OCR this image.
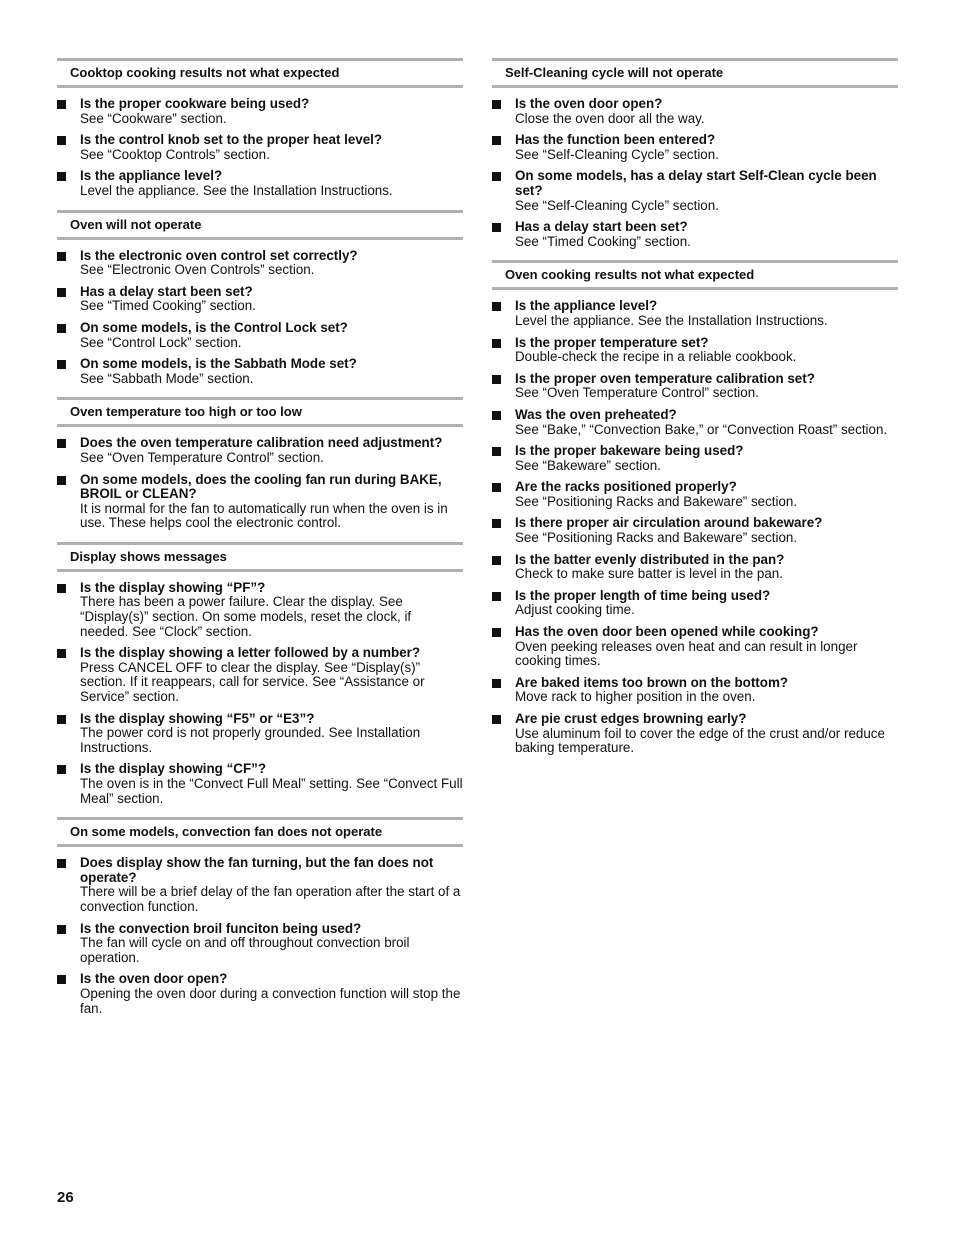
Cooktop cooking results not what expected
Is the proper cookware being used?
See “Cookware” section.
Is the control knob set to the proper heat level?
See “Cooktop Controls” section.
Is the appliance level?
Level the appliance. See the Installation Instructions.
Oven will not operate
Is the electronic oven control set correctly?
See “Electronic Oven Controls” section.
Has a delay start been set?
See “Timed Cooking” section.
On some models, is the Control Lock set?
See “Control Lock” section.
On some models, is the Sabbath Mode set?
See “Sabbath Mode” section.
Oven temperature too high or too low
Does the oven temperature calibration need adjustment?
See “Oven Temperature Control” section.
On some models, does the cooling fan run during BAKE, BROIL or CLEAN?
It is normal for the fan to automatically run when the oven is in use. These helps cool the electronic control.
Display shows messages
Is the display showing “PF”?
There has been a power failure. Clear the display. See “Display(s)” section. On some models, reset the clock, if needed. See “Clock” section.
Is the display showing a letter followed by a number?
Press CANCEL OFF to clear the display. See “Display(s)” section. If it reappears, call for service. See “Assistance or Service” section.
Is the display showing “F5” or “E3”?
The power cord is not properly grounded. See Installation Instructions.
Is the display showing “CF”?
The oven is in the “Convect Full Meal” setting. See “Convect Full Meal” section.
On some models, convection fan does not operate
Does display show the fan turning, but the fan does not operate?
There will be a brief delay of the fan operation after the start of a convection function.
Is the convection broil funciton being used?
The fan will cycle on and off throughout convection broil operation.
Is the oven door open?
Opening the oven door during a convection function will stop the fan.
Self-Cleaning cycle will not operate
Is the oven door open?
Close the oven door all the way.
Has the function been entered?
See “Self-Cleaning Cycle” section.
On some models, has a delay start Self-Clean cycle been set?
See “Self-Cleaning Cycle” section.
Has a delay start been set?
See “Timed Cooking” section.
Oven cooking results not what expected
Is the appliance level?
Level the appliance. See the Installation Instructions.
Is the proper temperature set?
Double-check the recipe in a reliable cookbook.
Is the proper oven temperature calibration set?
See “Oven Temperature Control” section.
Was the oven preheated?
See “Bake,” “Convection Bake,” or “Convection Roast” section.
Is the proper bakeware being used?
See “Bakeware” section.
Are the racks positioned properly?
See “Positioning Racks and Bakeware” section.
Is there proper air circulation around bakeware?
See “Positioning Racks and Bakeware” section.
Is the batter evenly distributed in the pan?
Check to make sure batter is level in the pan.
Is the proper length of time being used?
Adjust cooking time.
Has the oven door been opened while cooking?
Oven peeking releases oven heat and can result in longer cooking times.
Are baked items too brown on the bottom?
Move rack to higher position in the oven.
Are pie crust edges browning early?
Use aluminum foil to cover the edge of the crust and/or reduce baking temperature.
26
